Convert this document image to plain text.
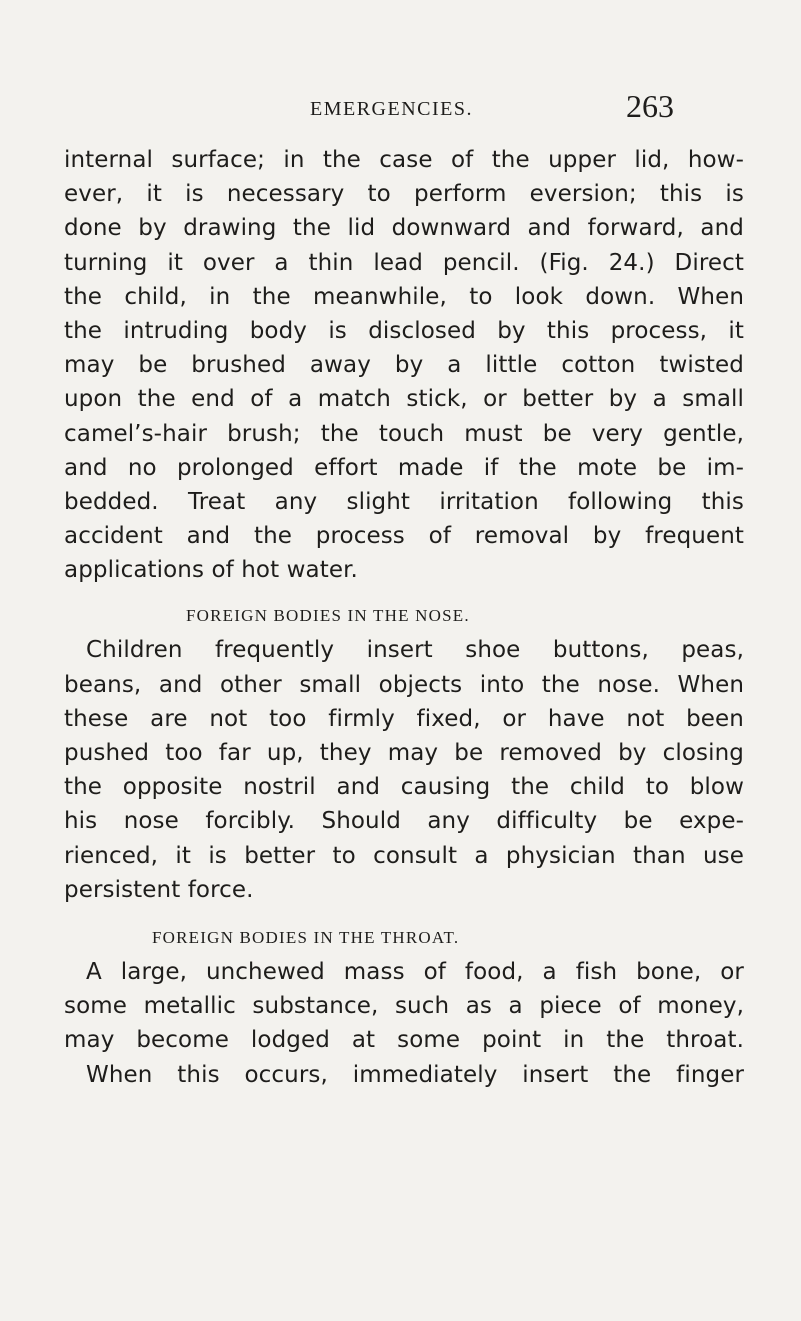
EMERGENCIES.	263
internal surface; in the case of the upper lid, how-
ever, it is necessary to perform eversion; this is
done by drawing the lid downward and forward, and
turning it over a thin lead pencil. (Fig. 24.) Direct
the child, in the meanwhile, to look down. When
the intruding body is disclosed by this process, it
may be brushed away by a little cotton twisted
upon the end of a match stick, or better by a small
camel’s-hair brush; the touch must be very gentle,
and no prolonged effort made if the mote be im-
bedded. Treat any slight irritation following this
accident and the process of removal by frequent
applications of hot water.
FOREIGN BODIES IN THE NOSE.
Children frequently insert shoe buttons, peas,
beans, and other small objects into the nose. When
these are not too firmly fixed, or have not been
pushed too far up, they may be removed by closing
the opposite nostril and causing the child to blow
his nose forcibly. Should any difficulty be expe-
rienced, it is better to consult a physician than use
persistent force.
FOREIGN BODIES IN THE THROAT.
A large, unchewed mass of food, a fish bone, or
some metallic substance, such as a piece of money,
may become lodged at some point in the throat.
When this occurs, immediately insert the finger
